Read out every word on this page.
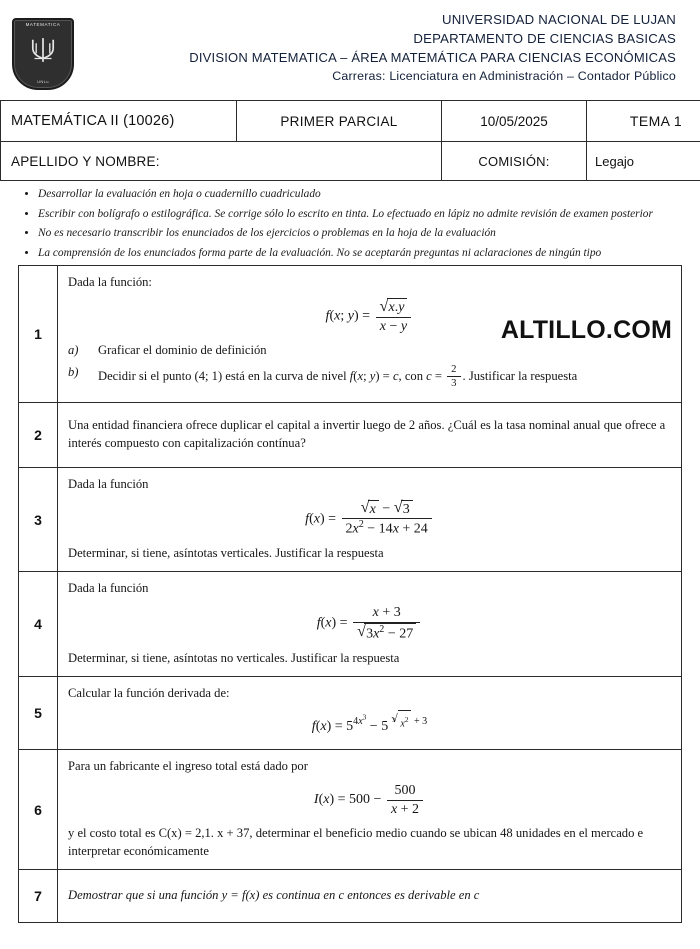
MATEMATICA
UNLu
UNIVERSIDAD NACIONAL DE LUJAN
DEPARTAMENTO DE CIENCIAS BASICAS
DIVISION MATEMATICA – ÁREA MATEMÁTICA PARA CIENCIAS ECONÓMICAS
Carreras: Licenciatura en Administración – Contador Público
MATEMÁTICA II (10026)	PRIMER PARCIAL	10/05/2025	TEMA 1
APELLIDO Y NOMBRE:		COMISIÓN:	Legajo
• Desarrollar la evaluación en hoja o cuadernillo cuadriculado
• Escribir con bolígrafo o estilográfica. Se corrige sólo lo escrito en tinta. Lo efectuado en lápiz no admite revisión de examen posterior
• No es necesario transcribir los enunciados de los ejercicios o problemas en la hoja de la evaluación
• La comprensión de los enunciados forma parte de la evaluación. No se aceptarán preguntas ni aclaraciones de ningún tipo
ALTILLO.COM
1	
Dada la función:
f(x; y) = √ $\frac{x.y}{x - y}$
a)	Graficar el dominio de definición
b)	Decidir si el punto (4; 1) está en la curva de nivel f(x; y) = c, con $c = \frac{2}{3}$ . Justificar la respuesta

2	Una entidad financiera ofrece duplicar el capital a invertir luego de 2 años. ¿Cuál es la tasa nominal anual que ofrece a interés compuesto con capitalización contínua?
3	Dada la función
f(x) = √ $\frac{x - √ 3}{2x^2 - 14x + 24}$
Determinar, si tiene, asíntotas verticales. Justificar la respuesta

4	Dada la función
f(x) = x + 3
√ $3x^2 - 27$
Determinar, si tiene, asíntotas no verticales. Justificar la respuesta

5	Calcular la función derivada de:
$f(x) = 5^{4x^3} - 5$ $^{^3 √ x^2 + 3}$

6	Para un fabricante el ingreso total está dado por
$I(x) = 500 - \frac{500}{x + 2}$
y el costo total es C(x) = 2,1. x + 37, determinar el beneficio medio cuando se ubican 48 unidades en el mercado e interpretar económicamente

7	Demostrar que si una función y = f(x) es continua en c entonces es derivable en c
